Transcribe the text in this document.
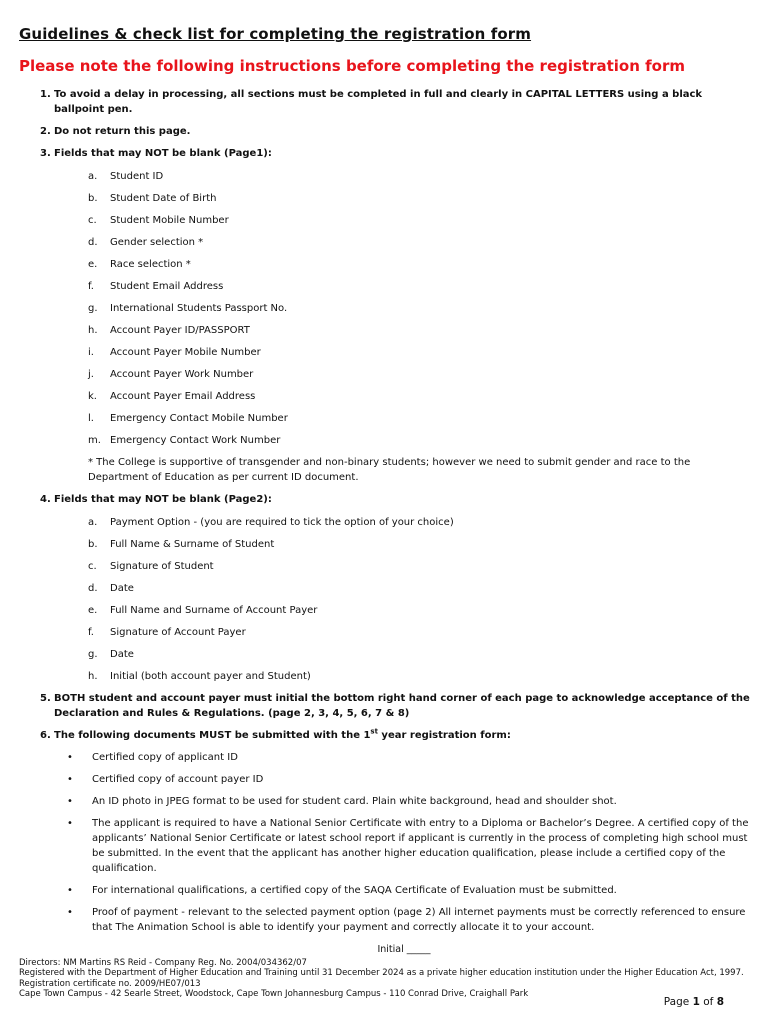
Guidelines & check list for completing the registration form
Please note the following instructions before completing the registration form
1. To avoid a delay in processing, all sections must be completed in full and clearly in CAPITAL LETTERS using a black ballpoint pen.
2. Do not return this page.
3. Fields that may NOT be blank (Page1):
a.	Student ID
b.	Student Date of Birth
c.	Student Mobile Number
d.	Gender selection *
e.	Race selection *
f.	Student Email Address
g.	International Students Passport No.
h.	Account Payer ID/PASSPORT
i.	Account Payer Mobile Number
j.	Account Payer Work Number
k.	Account Payer Email Address
l.	Emergency Contact Mobile Number
m. Emergency Contact Work Number
* The College is supportive of transgender and non-binary students; however we need to submit gender and race to the Department of Education as per current ID document.
4. Fields that may NOT be blank (Page2):
a.	Payment Option - (you are required to tick the option of your choice)
b.	Full Name & Surname of Student
c.	Signature of Student
d.	Date
e.	Full Name and Surname of Account Payer
f.	Signature of Account Payer
g.	Date
h.	Initial (both account payer and Student)
5. BOTH student and account payer must initial the bottom right hand corner of each page to acknowledge acceptance of the Declaration and Rules & Regulations. (page 2, 3, 4, 5, 6, 7 & 8)
6. The following documents MUST be submitted with the 1st year registration form:
•	Certified copy of applicant ID
•	Certified copy of account payer ID
•	An ID photo in JPEG format to be used for student card. Plain white background, head and shoulder shot.
•	The applicant is required to have a National Senior Certificate with entry to a Diploma or Bachelor’s Degree. A certified copy of the applicants’ National Senior Certificate or latest school report if applicant is currently in the process of completing high school must be submitted. In the event that the applicant has another higher education qualification, please include a certified copy of the qualification.
•	For international qualifications, a certified copy of the SAQA Certificate of Evaluation must be submitted.
•	Proof of payment - relevant to the selected payment option (page 2) All internet payments must be correctly referenced to ensure that The Animation School is able to identify your payment and correctly allocate it to your account.
Initial _____
Directors: NM Martins RS Reid - Company Reg. No. 2004/034362/07
Registered with the Department of Higher Education and Training until 31 December 2024 as a private higher education institution under the Higher Education Act, 1997. Registration certificate no. 2009/HE07/013
Cape Town Campus - 42 Searle Street, Woodstock, Cape Town Johannesburg Campus - 110 Conrad Drive, Craighall Park
Page 1 of 8
